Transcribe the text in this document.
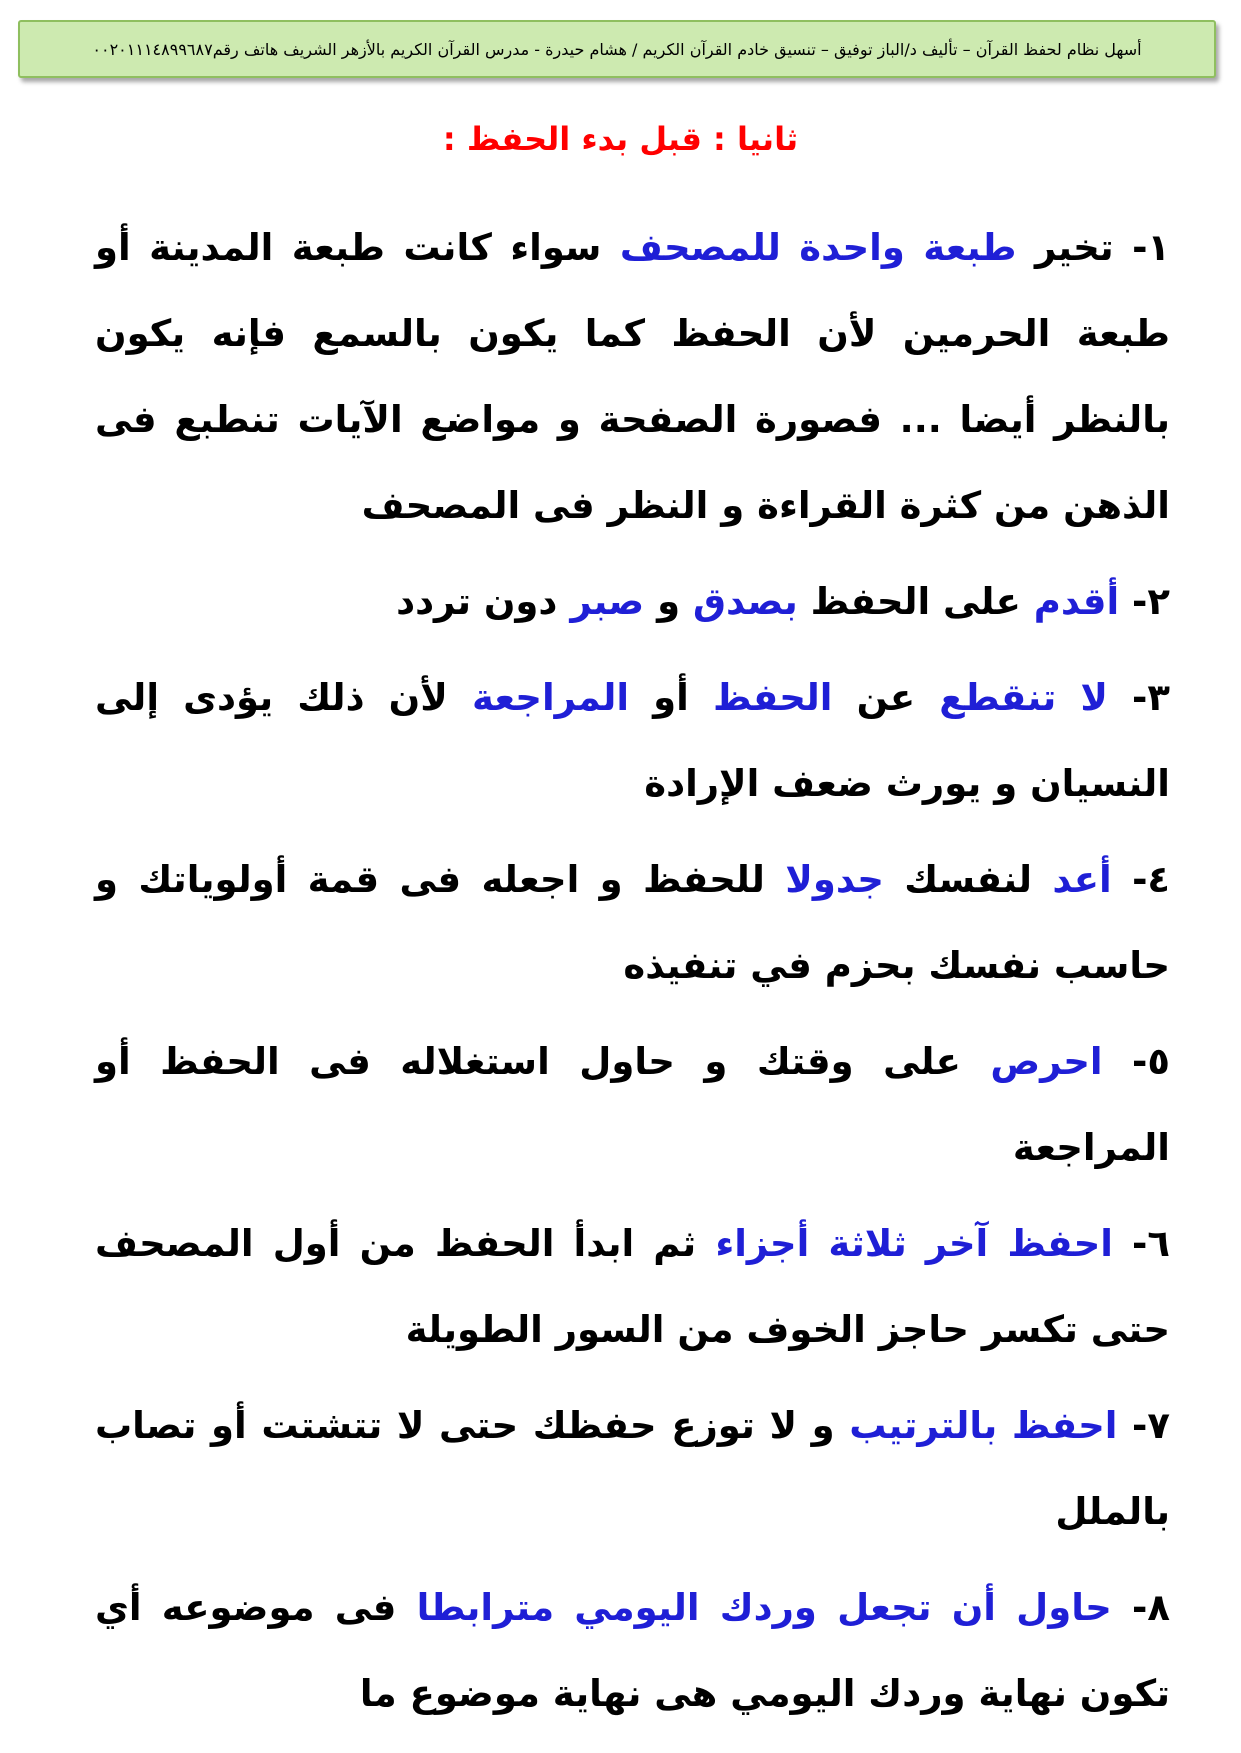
أسهل نظام لحفظ القرآن – تأليف د/الباز توفيق – تنسيق خادم القرآن الكريم / هشام حيدرة - مدرس القرآن الكريم بالأزهر الشريف هاتف رقم٠٠٢٠١١١٤٨٩٩٦٨٧
ثانيا : قبل بدء الحفظ :

١- تخير طبعة واحدة للمصحف سواء كانت طبعة المدينة أو طبعة الحرمين لأن الحفظ كما يكون بالسمع فإنه يكون بالنظر أيضا ... فصورة الصفحة و مواضع الآيات تنطبع فى الذهن من كثرة القراءة و النظر فى المصحف

٢- أقدم على الحفظ بصدق و صبر دون تردد

٣- لا تنقطع عن الحفظ أو المراجعة لأن ذلك يؤدى إلى النسيان و يورث ضعف الإرادة

٤- أعد لنفسك جدولا للحفظ و اجعله فى قمة أولوياتك و حاسب نفسك بحزم في تنفيذه

٥- احرص على وقتك و حاول استغلاله فى الحفظ أو المراجعة

٦- احفظ آخر ثلاثة أجزاء ثم ابدأ الحفظ من أول المصحف حتى تكسر حاجز الخوف من السور الطويلة

٧- احفظ بالترتيب و لا توزع حفظك حتى لا تتشتت أو تصاب بالملل

٨- حاول أن تجعل وردك اليومي مترابطا فى موضوعه أي تكون نهاية وردك اليومي هى نهاية موضوع ما
